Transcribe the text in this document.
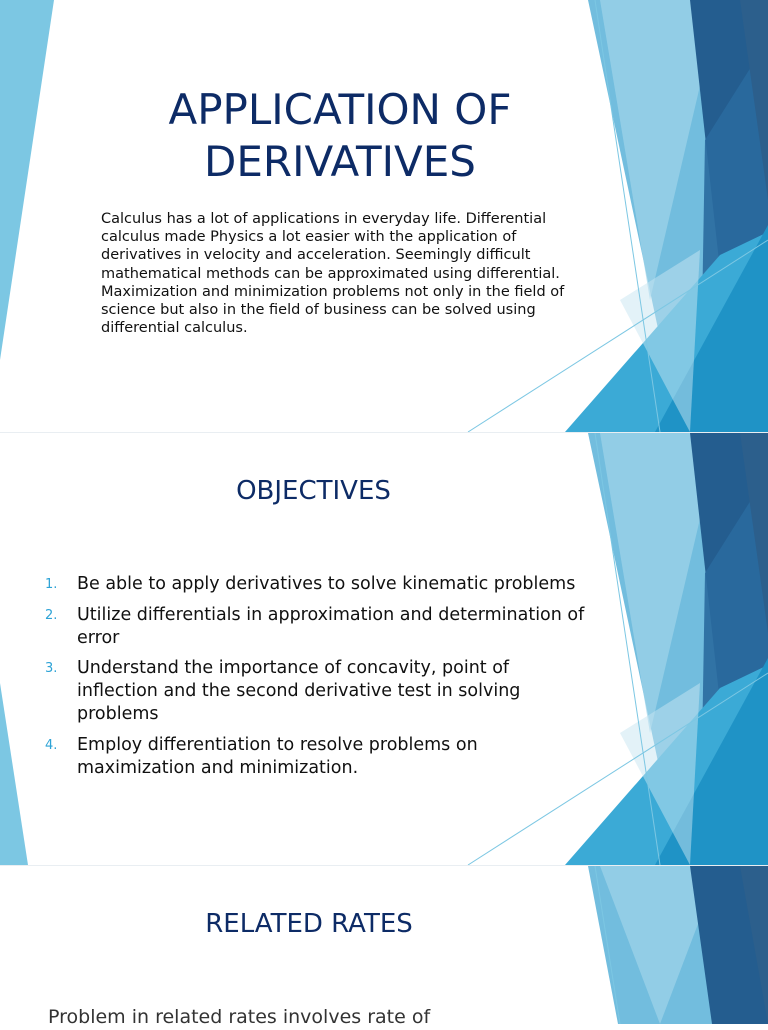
APPLICATION OF
DERIVATIVES

Calculus has a lot of applications in everyday life. Differential calculus made Physics a lot easier with the application of derivatives in velocity and acceleration. Seemingly difficult mathematical methods can be approximated using differential. Maximization and minimization problems not only in the field of science but also in the field of business can be solved using differential calculus.

OBJECTIVES
1.	Be able to apply derivatives to solve kinematic problems
2.	Utilize differentials in approximation and determination of error
3.	Understand the importance of concavity, point of inflection and the second derivative test in solving problems
4.	Employ differentiation to resolve problems on maximization and minimization.
RELATED RATES

Problem in related rates involves rate of
